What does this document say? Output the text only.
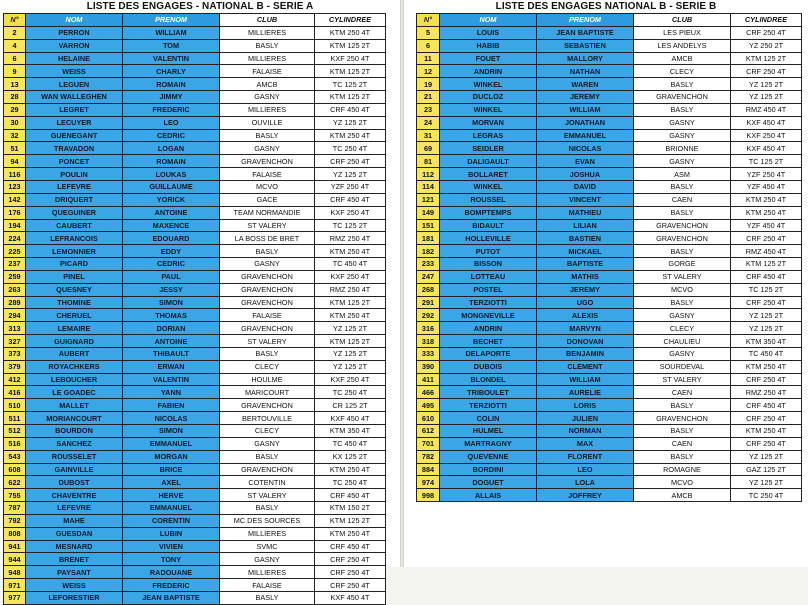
LISTE DES ENGAGES - NATIONAL B - SERIE A
N°	NOM	PRENOM	CLUB	CYLINDREE
2	PERRON	WILLIAM	MILLIERES	KTM 250 4T
4	VARRON	TOM	BASLY	KTM 125 2T
6	HELAINE	VALENTIN	MILLIERES	KXF 250 4T
9	WEISS	CHARLY	FALAISE	KTM 125 2T
13	LEGUEN	ROMAIN	AMCB	TC 125 2T
28	WAN WALLEGHEN	JIMMY	GASNY	KTM 125 2T
29	LEGRET	FREDERIC	MILLIERES	CRF 450 4T
30	LECUYER	LEO	OUVILLE	YZ 125 2T
32	GUENEGANT	CEDRIC	BASLY	KTM 250 4T
51	TRAVADON	LOGAN	GASNY	TC 250 4T
94	PONCET	ROMAIN	GRAVENCHON	CRF 250 4T
116	POULIN	LOUKAS	FALAISE	YZ 125 2T
123	LEFEVRE	GUILLAUME	MCVO	YZF 250 4T
142	DRIQUERT	YORICK	GACE	CRF 450 4T
176	QUEGUINER	ANTOINE	TEAM NORMANDIE	KXF 250 4T
194	CAUBERT	MAXENCE	ST VALERY	TC 125 2T
224	LEFRANCOIS	EDOUARD	LA BOSS DE BRET	RMZ 250 4T
225	LEMONNIER	EDDY	BASLY	KTM 250 4T
237	PICARD	CEDRIC	GASNY	TC 450 4T
259	PINEL	PAUL	GRAVENCHON	KXF 250 4T
263	QUESNEY	JESSY	GRAVENCHON	RMZ 250 4T
289	THOMINE	SIMON	GRAVENCHON	KTM 125 2T
294	CHERUEL	THOMAS	FALAISE	KTM 250 4T
313	LEMAIRE	DORIAN	GRAVENCHON	YZ 125 2T
327	GUIGNARD	ANTOINE	ST VALERY	KTM 125 2T
373	AUBERT	THIBAULT	BASLY	YZ 125 2T
379	ROYACHKERS	ERWAN	CLECY	YZ 125 2T
412	LEBOUCHER	VALENTIN	HOULME	KXF 250 4T
416	LE GOADEC	YANN	MARICOURT	TC 250 4T
510	MALLET	FABIEN	GRAVENCHON	CR 125 2T
511	MORIANCOURT	NICOLAS	BERTOUVILLE	KXF 450 4T
512	BOURDON	SIMON	CLECY	KTM 350 4T
516	SANCHEZ	EMMANUEL	GASNY	TC 450 4T
543	ROUSSELET	MORGAN	BASLY	KX 125 2T
608	GAINVILLE	BRICE	GRAVENCHON	KTM 250 4T
622	DUBOST	AXEL	COTENTIN	TC 250 4T
755	CHAVENTRE	HERVE	ST VALERY	CRF 450 4T
787	LEFEVRE	EMMANUEL	BASLY	KTM 150 2T
792	MAHE	CORENTIN	MC DES SOURCES	KTM 125 2T
808	GUESDAN	LUBIN	MILLIERES	KTM 250 4T
941	MESNARD	VIVIEN	SVMC	CRF 450 4T
944	BRENET	TONY	GASNY	CRF 250 4T
948	PAYSANT	RADOUANE	MILLIERES	CRF 250 4T
971	WEISS	FREDERIC	FALAISE	CRF 250 4T
977	LEFORESTIER	JEAN BAPTISTE	BASLY	KXF 450 4T
LISTE DES ENGAGES NATIONAL B - SERIE B
N°	NOM	PRENOM	CLUB	CYLINDREE
5	LOUIS	JEAN BAPTISTE	LES PIEUX	CRF 250 4T
6	HABIB	SEBASTIEN	LES ANDELYS	YZ 250 2T
11	FOUET	MALLORY	AMCB	KTM 125 2T
12	ANDRIN	NATHAN	CLECY	CRF 250 4T
19	WINKEL	WAREN	BASLY	YZ 125 2T
21	DUCLOZ	JEREMY	GRAVENCHON	YZ 125 2T
23	WINKEL	WILLIAM	BASLY	RMZ 450 4T
24	MORVAN	JONATHAN	GASNY	KXF 450 4T
31	LEGRAS	EMMANUEL	GASNY	KXF 250 4T
69	SEIDLER	NICOLAS	BRIONNE	KXF 450 4T
81	DALIGAULT	EVAN	GASNY	TC 125 2T
112	BOLLARET	JOSHUA	ASM	YZF 250 4T
114	WINKEL	DAVID	BASLY	YZF 450 4T
121	ROUSSEL	VINCENT	CAEN	KTM 250 4T
149	BOMPTEMPS	MATHIEU	BASLY	KTM 250 4T
151	BIDAULT	LILIAN	GRAVENCHON	YZF 450 4T
181	HOLLEVILLE	BASTIEN	GRAVENCHON	CRF 250 4T
182	PUTOT	MICKAEL	BASLY	RMZ 450 4T
233	BISSON	BAPTISTE	GORGE	KTM 125 2T
247	LOTTEAU	MATHIS	ST VALERY	CRF 450 4T
268	POSTEL	JEREMY	MCVO	TC 125 2T
291	TERZIOTTI	UGO	BASLY	CRF 250 4T
292	MONGNEVILLE	ALEXIS	GASNY	YZ 125 2T
316	ANDRIN	MARVYN	CLECY	YZ 125 2T
318	BECHET	DONOVAN	CHAULIEU	KTM 350 4T
333	DELAPORTE	BENJAMIN	GASNY	TC 450 4T
390	DUBOIS	CLEMENT	SOURDEVAL	KTM 250 4T
411	BLONDEL	WILLIAM	ST VALERY	CRF 250 4T
466	TRIBOULET	AURELIE	CAEN	RMZ 250 4T
495	TERZIOTTI	LORIS	BASLY	CRF 450 4T
610	COLIN	JULIEN	GRAVENCHON	CRF 250 4T
612	HULMEL	NORMAN	BASLY	KTM 250 4T
701	MARTRAGNY	MAX	CAEN	CRF 250 4T
782	QUEVENNE	FLORENT	BASLY	YZ 125 2T
884	BORDINI	LEO	ROMAGNE	GAZ 125 2T
974	DOGUET	LOLA	MCVO	YZ 125 2T
998	ALLAIS	JOFFREY	AMCB	TC 250 4T
